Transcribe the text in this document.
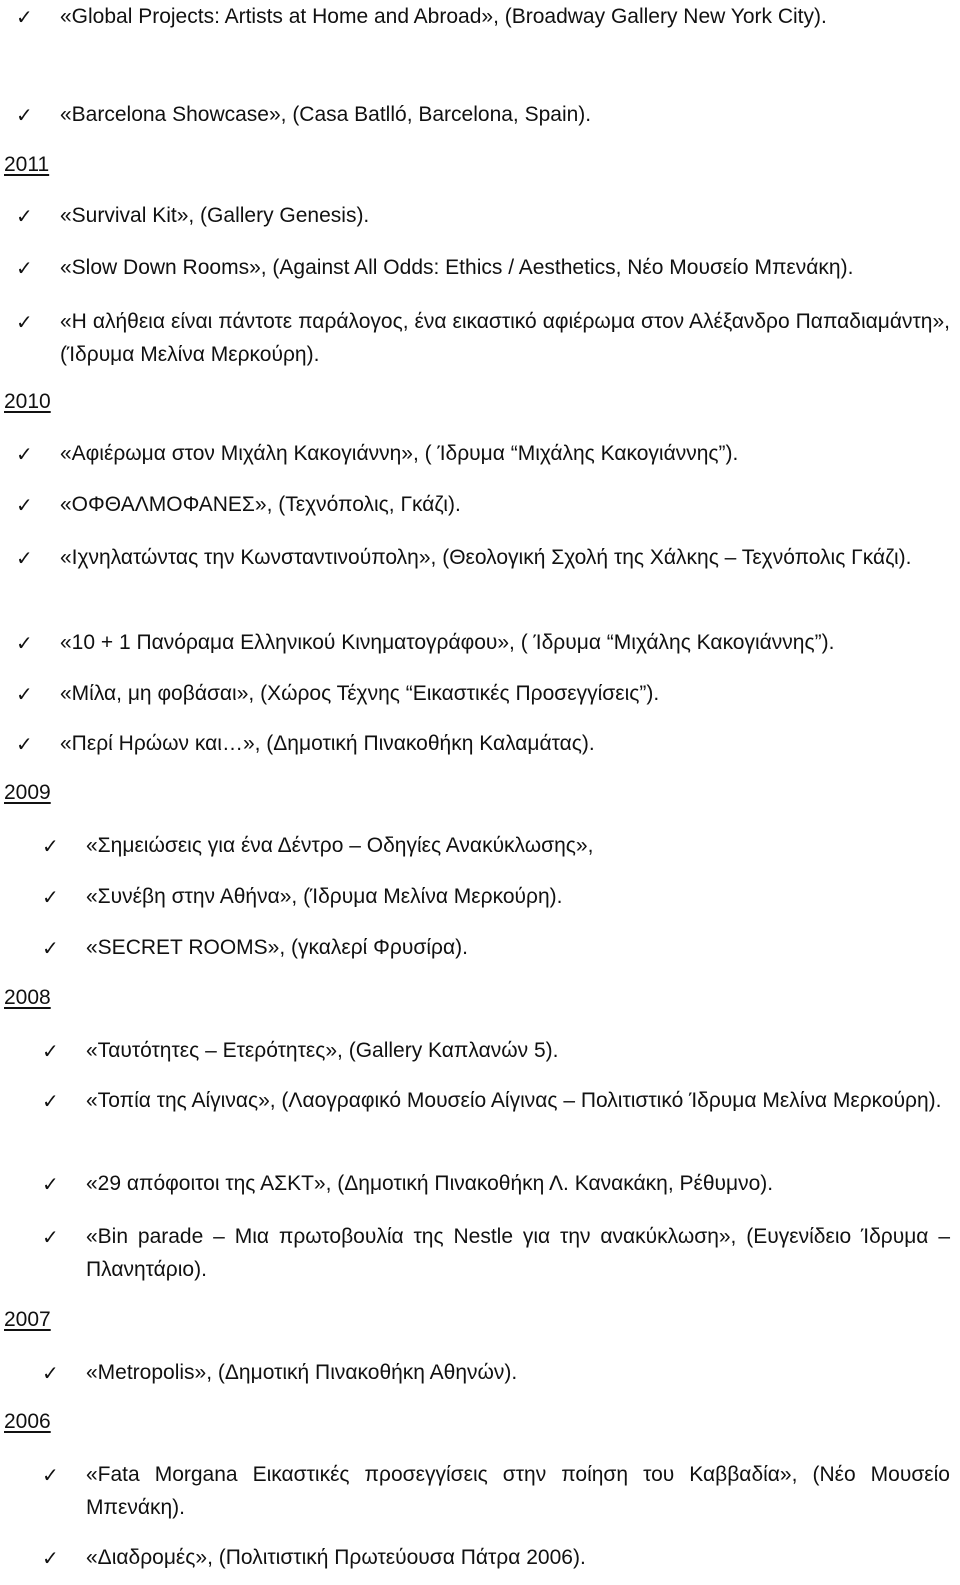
✓ «Global Projects: Artists at Home and Abroad», (Broadway Gallery New York City).

✓ «Barcelona Showcase», (Casa Batlló, Barcelona, Spain).

2011
✓ «Survival Kit», (Gallery Genesis).

✓ «Slow Down Rooms», (Against All Odds: Ethics / Aesthetics, Νέο Μουσείο Μπενάκη).

✓ «Η αλήθεια είναι πάντοτε παράλογος, ένα εικαστικό αφιέρωμα στον Αλέξανδρο Παπαδιαμάντη», (Ίδρυμα Μελίνα Μερκούρη).

2010
✓ «Αφιέρωμα στον Μιχάλη Κακογιάννη», ( Ίδρυμα “Μιχάλης Κακογιάννης”).

✓ «ΟΦΘΑΛΜΟΦΑΝΕΣ», (Τεχνόπολις, Γκάζι).

✓ «Ιχνηλατώντας την Κωνσταντινούπολη», (Θεολογική Σχολή της Χάλκης – Τεχνόπολις Γκάζι).

✓ «10 + 1 Πανόραμα Ελληνικού Κινηματογράφου», ( Ίδρυμα “Μιχάλης Κακογιάννης”).

✓ «Μίλα, μη φοβάσαι», (Χώρος Τέχνης “Εικαστικές Προσεγγίσεις”).

✓ «Περί Ηρώων και…», (Δημοτική Πινακοθήκη Καλαμάτας).

2009
✓ «Σημειώσεις για ένα Δέντρο – Οδηγίες Ανακύκλωσης»,

✓ «Συνέβη στην Αθήνα», (Ίδρυμα Μελίνα Μερκούρη).

✓ «SECRET ROOMS», (γκαλερί Φρυσίρα).

2008
✓ «Ταυτότητες – Ετερότητες», (Gallery Καπλανών 5).

✓ «Τοπία της Αίγινας», (Λαογραφικό Μουσείο Αίγινας – Πολιτιστικό Ίδρυμα Μελίνα Μερκούρη).

✓ «29 απόφοιτοι της ΑΣΚΤ», (Δημοτική Πινακοθήκη Λ. Κανακάκη, Ρέθυμνο).

✓ «Bin parade – Μια πρωτοβουλία της Nestle για την ανακύκλωση», (Ευγενίδειο Ίδρυμα – Πλανητάριο).

2007
✓ «Metropolis», (Δημοτική Πινακοθήκη Αθηνών).

2006
✓ «Fata Morgana Εικαστικές προσεγγίσεις στην ποίηση του Καββαδία», (Νέο Μουσείο Μπενάκη).

✓ «Διαδρομές», (Πολιτιστική Πρωτεύουσα Πάτρα 2006).
